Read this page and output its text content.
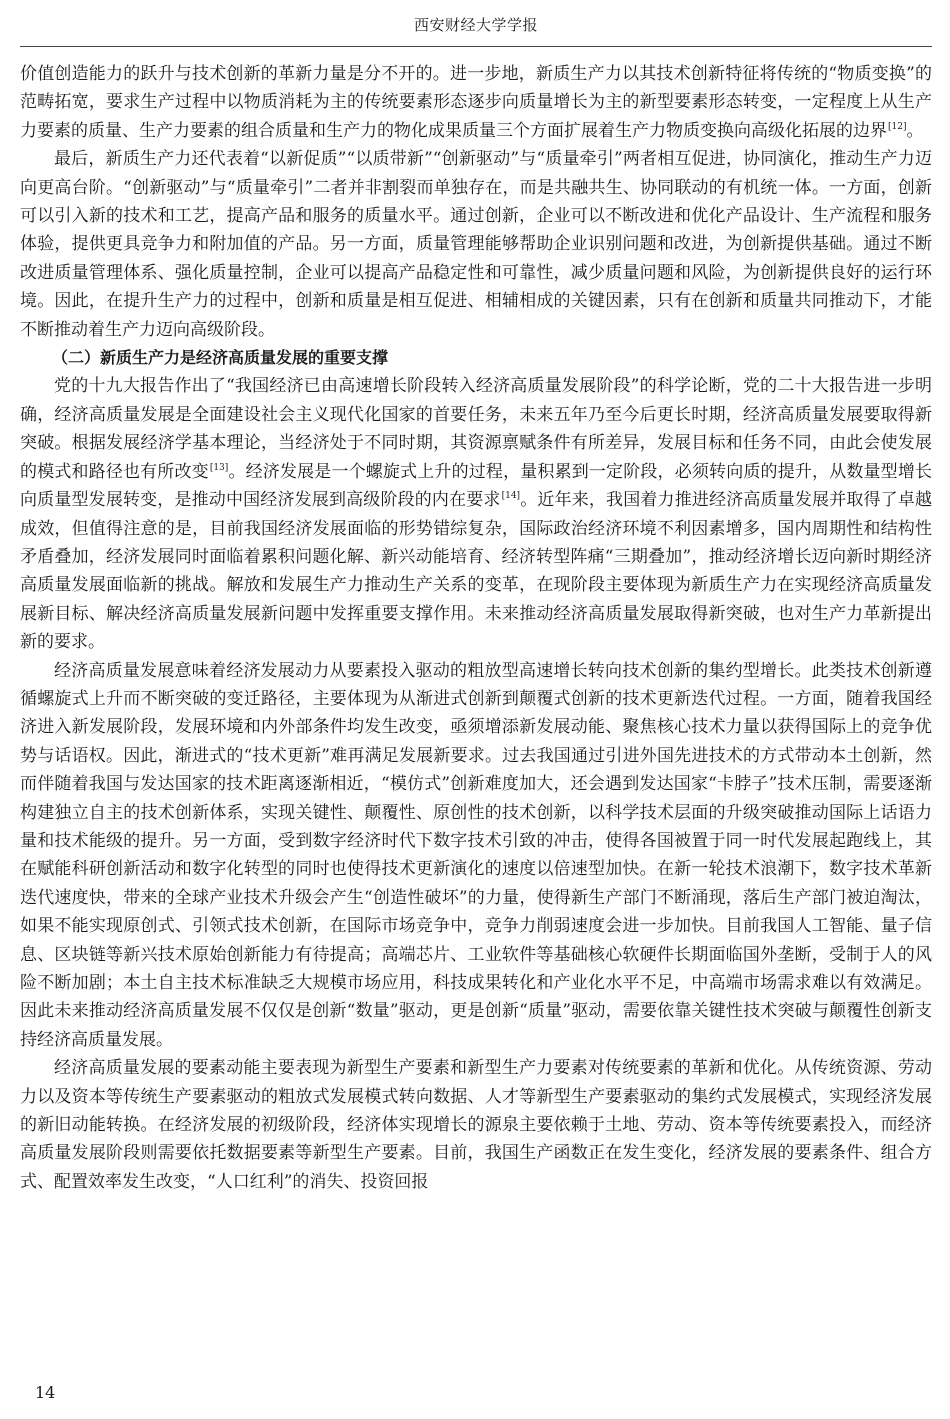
西安财经大学学报

价值创造能力的跃升与技术创新的革新力量是分不开的。进一步地，新质生产力以其技术创新特征将传统的“物质变换”的范畴拓宽，要求生产过程中以物质消耗为主的传统要素形态逐步向质量增长为主的新型要素形态转变，一定程度上从生产力要素的质量、生产力要素的组合质量和生产力的物化成果质量三个方面扩展着生产力物质变换向高级化拓展的边界[12]。

最后，新质生产力还代表着“以新促质”“以质带新”“创新驱动”与“质量牵引”两者相互促进，协同演化，推动生产力迈向更高台阶。“创新驱动”与“质量牵引”二者并非割裂而单独存在，而是共融共生、协同联动的有机统一体。一方面，创新可以引入新的技术和工艺，提高产品和服务的质量水平。通过创新，企业可以不断改进和优化产品设计、生产流程和服务体验，提供更具竞争力和附加值的产品。另一方面，质量管理能够帮助企业识别问题和改进，为创新提供基础。通过不断改进质量管理体系、强化质量控制，企业可以提高产品稳定性和可靠性，减少质量问题和风险，为创新提供良好的运行环境。因此，在提升生产力的过程中，创新和质量是相互促进、相辅相成的关键因素，只有在创新和质量共同推动下，才能不断推动着生产力迈向高级阶段。

（二）新质生产力是经济高质量发展的重要支撑

党的十九大报告作出了“我国经济已由高速增长阶段转入经济高质量发展阶段”的科学论断，党的二十大报告进一步明确，经济高质量发展是全面建设社会主义现代化国家的首要任务，未来五年乃至今后更长时期，经济高质量发展要取得新突破。根据发展经济学基本理论，当经济处于不同时期，其资源禀赋条件有所差异，发展目标和任务不同，由此会使发展的模式和路径也有所改变[13]。经济发展是一个螺旋式上升的过程，量积累到一定阶段，必须转向质的提升，从数量型增长向质量型发展转变，是推动中国经济发展到高级阶段的内在要求[14]。近年来，我国着力推进经济高质量发展并取得了卓越成效，但值得注意的是，目前我国经济发展面临的形势错综复杂，国际政治经济环境不利因素增多，国内周期性和结构性矛盾叠加，经济发展同时面临着累积问题化解、新兴动能培育、经济转型阵痛“三期叠加”，推动经济增长迈向新时期经济高质量发展面临新的挑战。解放和发展生产力推动生产关系的变革，在现阶段主要体现为新质生产力在实现经济高质量发展新目标、解决经济高质量发展新问题中发挥重要支撑作用。未来推动经济高质量发展取得新突破，也对生产力革新提出新的要求。

经济高质量发展意味着经济发展动力从要素投入驱动的粗放型高速增长转向技术创新的集约型增长。此类技术创新遵循螺旋式上升而不断突破的变迁路径，主要体现为从渐进式创新到颠覆式创新的技术更新迭代过程。一方面，随着我国经济进入新发展阶段，发展环境和内外部条件均发生改变，亟须增添新发展动能、聚焦核心技术力量以获得国际上的竞争优势与话语权。因此，渐进式的“技术更新”难再满足发展新要求。过去我国通过引进外国先进技术的方式带动本土创新，然而伴随着我国与发达国家的技术距离逐渐相近，“模仿式”创新难度加大，还会遇到发达国家“卡脖子”技术压制，需要逐渐构建独立自主的技术创新体系，实现关键性、颠覆性、原创性的技术创新，以科学技术层面的升级突破推动国际上话语力量和技术能级的提升。另一方面，受到数字经济时代下数字技术引致的冲击，使得各国被置于同一时代发展起跑线上，其在赋能科研创新活动和数字化转型的同时也使得技术更新演化的速度以倍速型加快。在新一轮技术浪潮下，数字技术革新迭代速度快，带来的全球产业技术升级会产生“创造性破坏”的力量，使得新生产部门不断涌现，落后生产部门被迫淘汰，如果不能实现原创式、引领式技术创新，在国际市场竞争中，竞争力削弱速度会进一步加快。目前我国人工智能、量子信息、区块链等新兴技术原始创新能力有待提高；高端芯片、工业软件等基础核心软硬件长期面临国外垄断，受制于人的风险不断加剧；本土自主技术标准缺乏大规模市场应用，科技成果转化和产业化水平不足，中高端市场需求难以有效满足。因此未来推动经济高质量发展不仅仅是创新“数量”驱动，更是创新“质量”驱动，需要依靠关键性技术突破与颠覆性创新支持经济高质量发展。

经济高质量发展的要素动能主要表现为新型生产要素和新型生产力要素对传统要素的革新和优化。从传统资源、劳动力以及资本等传统生产要素驱动的粗放式发展模式转向数据、人才等新型生产要素驱动的集约式发展模式，实现经济发展的新旧动能转换。在经济发展的初级阶段，经济体实现增长的源泉主要依赖于土地、劳动、资本等传统要素投入，而经济高质量发展阶段则需要依托数据要素等新型生产要素。目前，我国生产函数正在发生变化，经济发展的要素条件、组合方式、配置效率发生改变，“人口红利”的消失、投资回报

14
